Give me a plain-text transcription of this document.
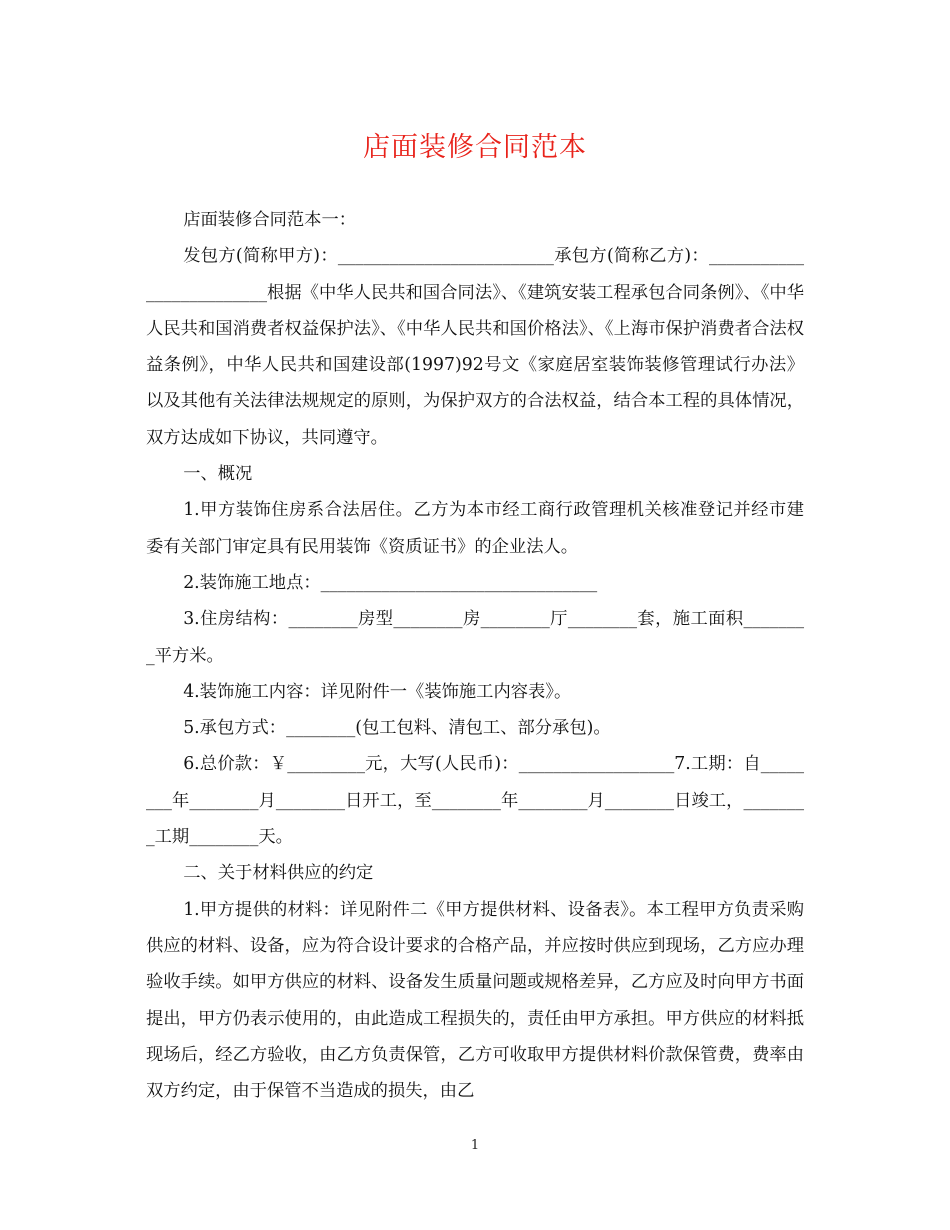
店面装修合同范本

店面装修合同范本一：

发包方(简称甲方)：_________________________承包方(简称乙方)：_________________________根据《中华人民共和国合同法》、《建筑安装工程承包合同条例》、《中华人民共和国消费者权益保护法》、《中华人民共和国价格法》、《上海市保护消费者合法权益条例》，中华人民共和国建设部(1997)92号文《家庭居室装饰装修管理试行办法》以及其他有关法律法规规定的原则，为保护双方的合法权益，结合本工程的具体情况，双方达成如下协议，共同遵守。

一、概况

1.甲方装饰住房系合法居住。乙方为本市经工商行政管理机关核准登记并经市建委有关部门审定具有民用装饰《资质证书》的企业法人。

2.装饰施工地点：________________________________

3.住房结构：________房型________房________厅________套，施工面积________平方米。

4.装饰施工内容：详见附件一《装饰施工内容表》。

5.承包方式：________(包工包料、清包工、部分承包)。

6.总价款：￥_________元，大写(人民币)：__________________7.工期：自________年________月________日开工，至________年________月________日竣工，________工期________天。

二、关于材料供应的约定

1.甲方提供的材料：详见附件二《甲方提供材料、设备表》。本工程甲方负责采购供应的材料、设备，应为符合设计要求的合格产品，并应按时供应到现场，乙方应办理验收手续。如甲方供应的材料、设备发生质量问题或规格差异，乙方应及时向甲方书面提出，甲方仍表示使用的，由此造成工程损失的，责任由甲方承担。甲方供应的材料抵现场后，经乙方验收，由乙方负责保管，乙方可收取甲方提供材料价款保管费，费率由双方约定，由于保管不当造成的损失，由乙

1
